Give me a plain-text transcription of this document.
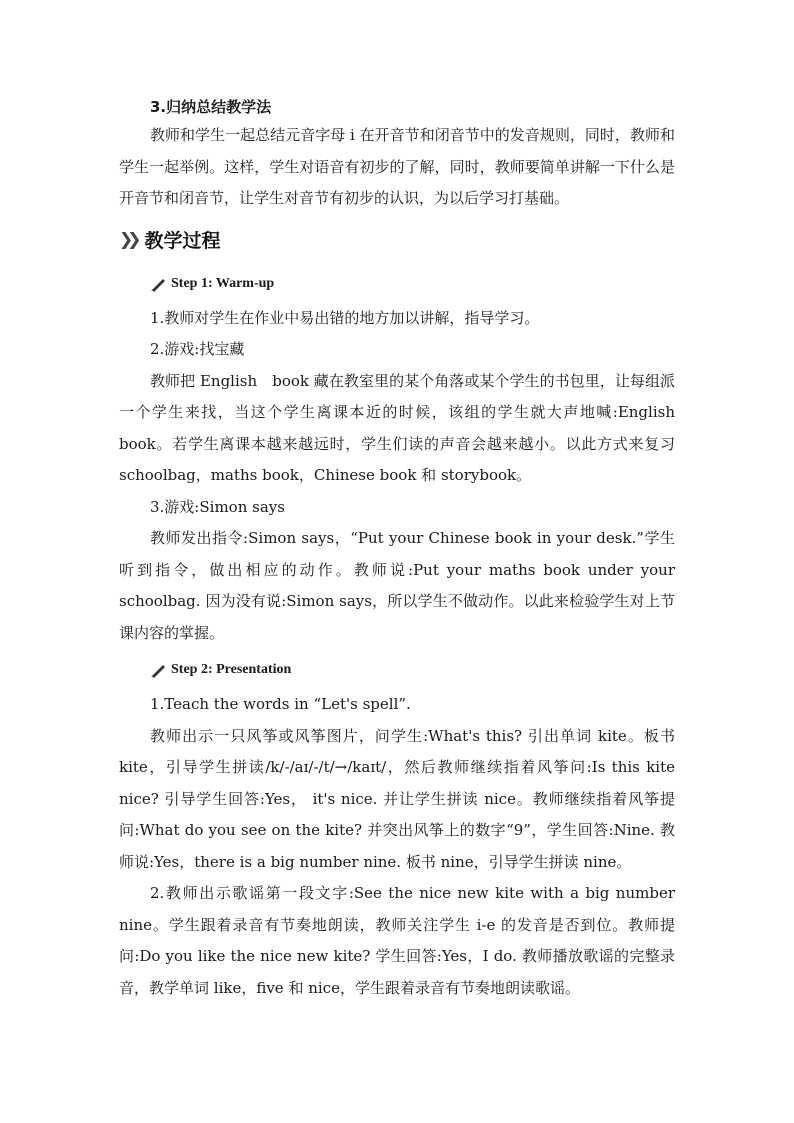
3.归纳总结教学法

教师和学生一起总结元音字母 i 在开音节和闭音节中的发音规则，同时，教师和学生一起举例。这样，学生对语音有初步的了解，同时，教师要简单讲解一下什么是开音节和闭音节，让学生对音节有初步的认识，为以后学习打基础。

❯❯ 教学过程
Step 1: Warm-up

1.教师对学生在作业中易出错的地方加以讲解，指导学习。

2.游戏:找宝藏

教师把 English　book 藏在教室里的某个角落或某个学生的书包里，让每组派一个学生来找，当这个学生离课本近的时候，该组的学生就大声地喊:English book。若学生离课本越来越远时，学生们读的声音会越来越小。以此方式来复习 schoolbag，maths book，Chinese book 和 storybook。

3.游戏:Simon says

教师发出指令:Simon says，“Put your Chinese book in your desk.”学生听到指令，做出相应的动作。教师说:Put your maths book under your schoolbag. 因为没有说:Simon says，所以学生不做动作。以此来检验学生对上节课内容的掌握。

Step 2: Presentation

1.Teach the words in “Let's spell”.

教师出示一只风筝或风筝图片，问学生:What's this? 引出单词 kite。板书 kite，引导学生拼读/k/-/aɪ/-/t/→/kaɪt/，然后教师继续指着风筝问:Is this kite nice? 引导学生回答:Yes， it's nice. 并让学生拼读 nice。教师继续指着风筝提问:What do you see on the kite? 并突出风筝上的数字“9”，学生回答:Nine. 教师说:Yes，there is a big number nine. 板书 nine，引导学生拼读 nine。

2.教师出示歌谣第一段文字:See the nice new kite with a big number nine。学生跟着录音有节奏地朗读，教师关注学生 i-e 的发音是否到位。教师提问:Do you like the nice new kite? 学生回答:Yes，I do. 教师播放歌谣的完整录音，教学单词 like，five 和 nice，学生跟着录音有节奏地朗读歌谣。
